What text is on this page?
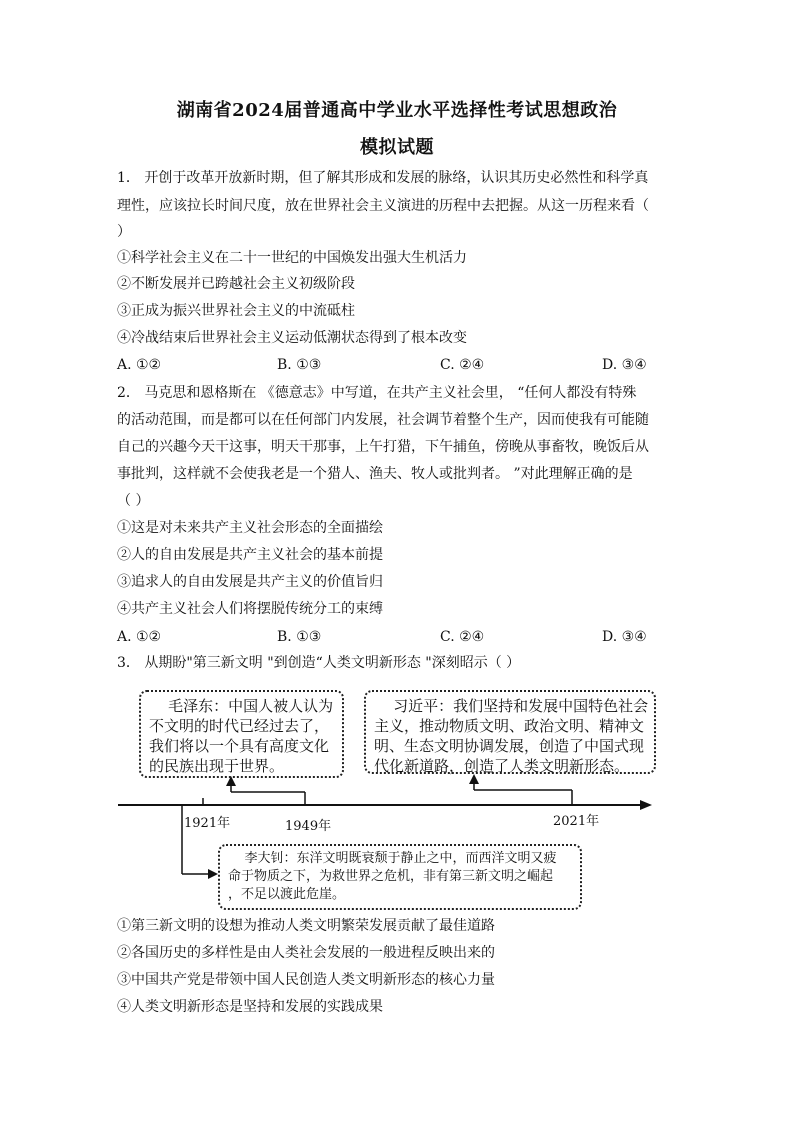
湖南省2024届普通高中学业水平选择性考试思想政治
模拟试题
1． 开创于改革开放新时期，但了解其形成和发展的脉络，认识其历史必然性和科学真
理性，应该拉长时间尺度，放在世界社会主义演进的历程中去把握。从这一历程来看（
）
①科学社会主义在二十一世纪的中国焕发出强大生机活力
②不断发展并已跨越社会主义初级阶段
③正成为振兴世界社会主义的中流砥柱
④冷战结束后世界社会主义运动低潮状态得到了根本改变
A. ①②	B. ①③	C. ②④	D. ③④
2． 马克思和恩格斯在 《德意志》中写道，在共产主义社会里， “任何人都没有特殊
的活动范围，而是都可以在任何部门内发展，社会调节着整个生产，因而使我有可能随
自己的兴趣今天干这事，明天干那事，上午打猎，下午捕鱼，傍晚从事畜牧，晚饭后从
事批判，这样就不会使我老是一个猎人、渔夫、牧人或批判者。 ”对此理解正确的是
（ ）
①这是对未来共产主义社会形态的全面描绘
②人的自由发展是共产主义社会的基本前提
③追求人的自由发展是共产主义的价值旨归
④共产主义社会人们将摆脱传统分工的束缚
A. ①②	B. ①③	C. ②④	D. ③④
3． 从期盼"第三新文明 "到创造“人类文明新形态 "深刻昭示（ ）
毛泽东：中国人被人认为
不文明的时代已经过去了，
我们将以一个具有高度文化
的民族出现于世界。
习近平：我们坚持和发展中国特色社会
主义，推动物质文明、政治文明、精神文
明、生态文明协调发展，创造了中国式现
代化新道路，创造了人类文明新形态。
1921年	1949年	2021年
李大钊：东洋文明既衰颓于静止之中，而西洋文明又疲
命于物质之下，为救世界之危机，非有第三新文明之崛起
，不足以渡此危崖。
①第三新文明的设想为推动人类文明繁荣发展贡献了最佳道路
②各国历史的多样性是由人类社会发展的一般进程反映出来的
③中国共产党是带领中国人民创造人类文明新形态的核心力量
④人类文明新形态是坚持和发展的实践成果
